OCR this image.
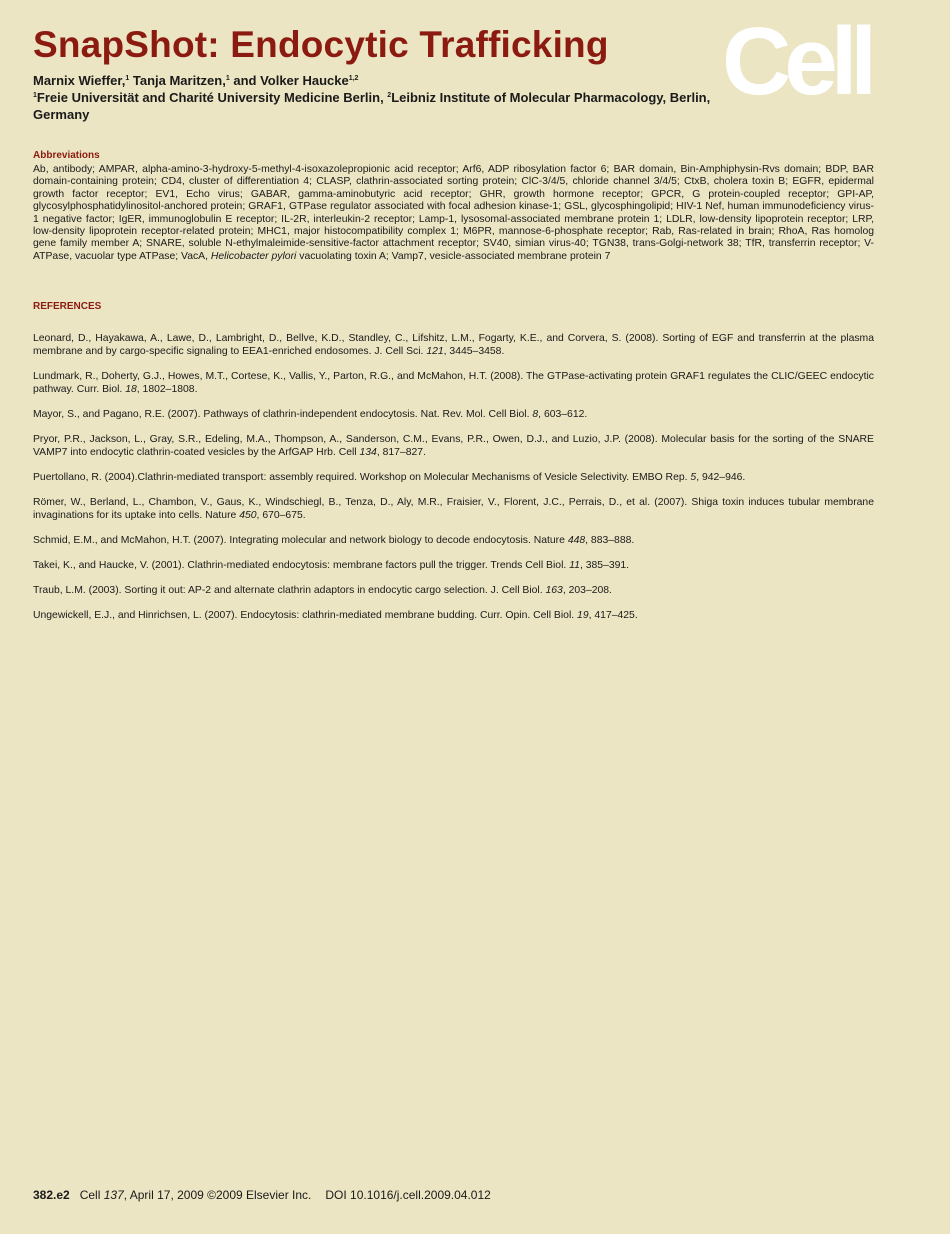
SnapShot: Endocytic Trafficking Cell
Marnix Wieffer,$^1$ Tanja Maritzen,$^1$ and Volker Haucke$^{1,2}$
$^1$Freie Universität and Charité University Medicine Berlin, $^2$Leibniz Institute of Molecular Pharmacology, Berlin, Germany
Abbreviations

Ab, antibody; AMPAR, alpha-amino-3-hydroxy-5-methyl-4-isoxazolepropionic acid receptor; Arf6, ADP ribosylation factor 6; BAR domain, Bin-Amphiphysin-Rvs domain; BDP, BAR domain-containing protein; CD4, cluster of differentiation 4; CLASP, clathrin-associated sorting protein; ClC-3/4/5, chloride channel 3/4/5; CtxB, cholera toxin B; EGFR, epidermal growth factor receptor; EV1, Echo virus; GABAR, gamma-aminobutyric acid receptor; GHR, growth hormone receptor; GPCR, G protein-coupled receptor; GPI-AP, glycosylphosphatidylinositol-anchored protein; GRAF1, GTPase regulator associated with focal adhesion kinase-1; GSL, glycosphingolipid; HIV-1 Nef, human immunodeficiency virus-1 negative factor; IgER, immunoglobulin E receptor; IL-2R, interleukin-2 receptor; Lamp-1, lysosomal-associated membrane protein 1; LDLR, low-density lipoprotein receptor; LRP, low-density lipoprotein receptor-related protein; MHC1, major histocompatibility complex 1; M6PR, mannose-6-phosphate receptor; Rab, Ras-related in brain; RhoA, Ras homolog gene family member A; SNARE, soluble N-ethylmaleimide-sensitive-factor attachment receptor; SV40, simian virus-40; TGN38, trans-Golgi-network 38; TfR, transferrin receptor; V-ATPase, vacuolar type ATPase; VacA, Helicobacter pylori vacuolating toxin A; Vamp7, vesicle-associated membrane protein 7

REFERENCES
Leonard, D., Hayakawa, A., Lawe, D., Lambright, D., Bellve, K.D., Standley, C., Lifshitz, L.M., Fogarty, K.E., and Corvera, S. (2008). Sorting of EGF and transferrin at the plasma membrane and by cargo-specific signaling to EEA1-enriched endosomes. J. Cell Sci. 121, 3445–3458.
Lundmark, R., Doherty, G.J., Howes, M.T., Cortese, K., Vallis, Y., Parton, R.G., and McMahon, H.T. (2008). The GTPase-activating protein GRAF1 regulates the CLIC/GEEC endocytic pathway. Curr. Biol. 18, 1802–1808.
Mayor, S., and Pagano, R.E. (2007). Pathways of clathrin-independent endocytosis. Nat. Rev. Mol. Cell Biol. 8, 603–612.
Pryor, P.R., Jackson, L., Gray, S.R., Edeling, M.A., Thompson, A., Sanderson, C.M., Evans, P.R., Owen, D.J., and Luzio, J.P. (2008). Molecular basis for the sorting of the SNARE VAMP7 into endocytic clathrin-coated vesicles by the ArfGAP Hrb. Cell 134, 817–827.
Puertollano, R. (2004).Clathrin-mediated transport: assembly required. Workshop on Molecular Mechanisms of Vesicle Selectivity. EMBO Rep. 5, 942–946.
Römer, W., Berland, L., Chambon, V., Gaus, K., Windschiegl, B., Tenza, D., Aly, M.R., Fraisier, V., Florent, J.C., Perrais, D., et al. (2007). Shiga toxin induces tubular membrane invaginations for its uptake into cells. Nature 450, 670–675.
Schmid, E.M., and McMahon, H.T. (2007). Integrating molecular and network biology to decode endocytosis. Nature 448, 883–888.
Takei, K., and Haucke, V. (2001). Clathrin-mediated endocytosis: membrane factors pull the trigger. Trends Cell Biol. 11, 385–391.
Traub, L.M. (2003). Sorting it out: AP-2 and alternate clathrin adaptors in endocytic cargo selection. J. Cell Biol. 163, 203–208.
Ungewickell, E.J., and Hinrichsen, L. (2007). Endocytosis: clathrin-mediated membrane budding. Curr. Opin. Cell Biol. 19, 417–425.
382.e2 Cell 137, April 17, 2009 ©2009 Elsevier Inc. DOI 10.1016/j.cell.2009.04.012
